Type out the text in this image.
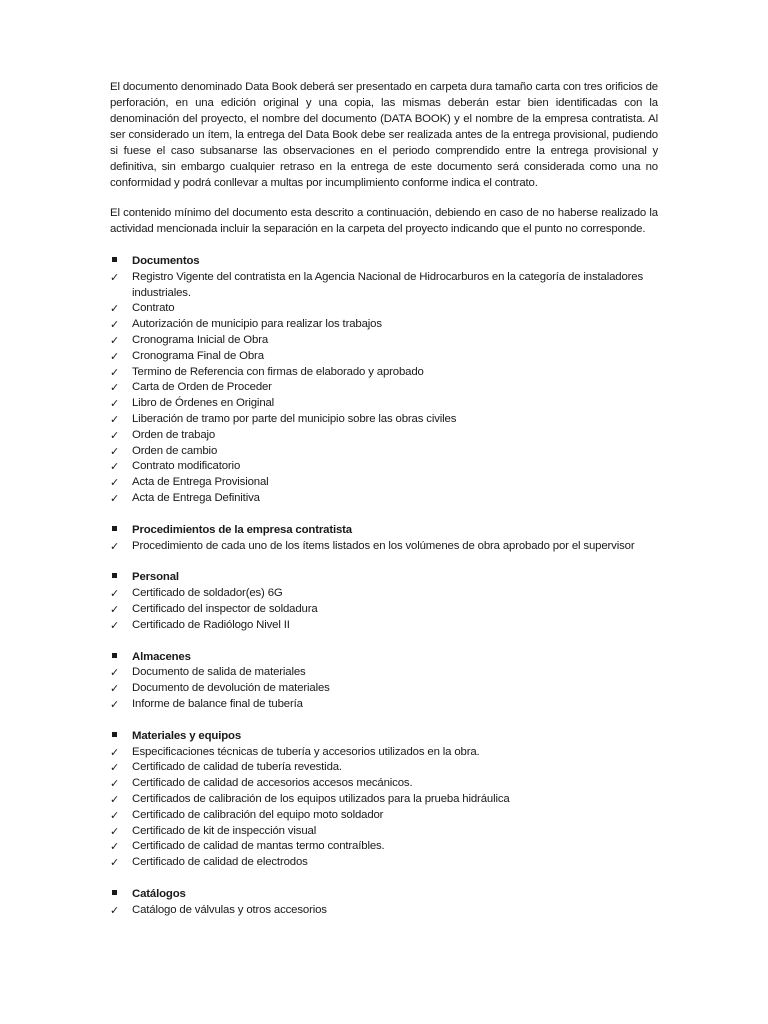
El documento denominado Data Book deberá ser presentado en carpeta dura tamaño carta con tres orificios de perforación, en una edición original y una copia, las mismas deberán estar bien identificadas con la denominación del proyecto, el nombre del documento (DATA BOOK) y el nombre de la empresa contratista. Al ser considerado un ítem, la entrega del Data Book debe ser realizada antes de la entrega provisional, pudiendo si fuese el caso subsanarse las observaciones en el periodo comprendido entre la entrega provisional y definitiva, sin embargo cualquier retraso en la entrega de este documento será considerada como una no conformidad y podrá conllevar a multas por incumplimiento conforme indica el contrato.

El contenido mínimo del documento esta descrito a continuación, debiendo en caso de no haberse realizado la actividad mencionada incluir la separación en la carpeta del proyecto indicando que el punto no corresponde.

Documentos
✓	Registro Vigente del contratista en la Agencia Nacional de Hidrocarburos en la categoría de instaladores industriales.
✓	Contrato
✓	Autorización de municipio para realizar los trabajos
✓	Cronograma Inicial de Obra
✓	Cronograma Final de Obra
✓	Termino de Referencia con firmas de elaborado y aprobado
✓	Carta de Orden de Proceder
✓	Libro de Órdenes en Original
✓	Liberación de tramo por parte del municipio sobre las obras civiles
✓	Orden de trabajo
✓	Orden de cambio
✓	Contrato modificatorio
✓	Acta de Entrega Provisional
✓	Acta de Entrega Definitiva
Procedimientos de la empresa contratista
✓	Procedimiento de cada uno de los ítems listados en los volúmenes de obra aprobado por el supervisor
Personal
✓	Certificado de soldador(es) 6G
✓	Certificado del inspector de soldadura
✓	Certificado de Radiólogo Nivel II
Almacenes
✓	Documento de salida de materiales
✓	Documento de devolución de materiales
✓	Informe de balance final de tubería
Materiales y equipos
✓	Especificaciones técnicas de tubería y accesorios utilizados en la obra.
✓	Certificado de calidad de tubería revestida.
✓	Certificado de calidad de accesorios accesos mecánicos.
✓	Certificados de calibración de los equipos utilizados para la prueba hidráulica
✓	Certificado de calibración del equipo moto soldador
✓	Certificado de kit de inspección visual
✓	Certificado de calidad de mantas termo contraíbles.
✓	Certificado de calidad de electrodos
Catálogos
✓	Catálogo de válvulas y otros accesorios
